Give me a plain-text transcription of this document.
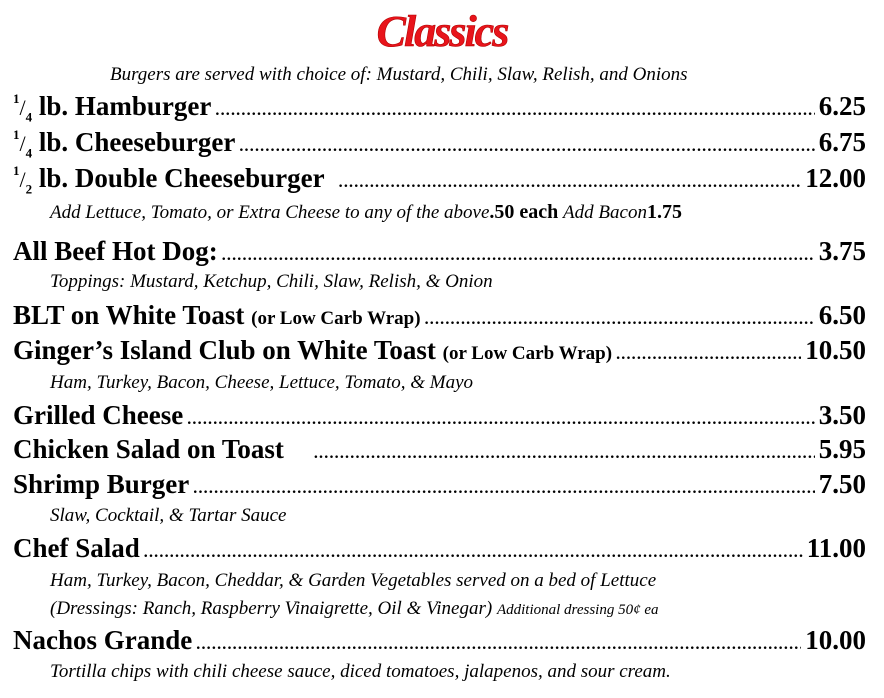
Classics
Burgers are served with choice of: Mustard, Chili, Slaw, Relish, and Onions
$^1/_4$ lb. Hamburger .....	6.25
$^1/_4$ lb. Cheeseburger .....	6.75
$^1/_2$ lb. Double Cheeseburger .....	12.00
Add Lettuce, Tomato, or Extra Cheese to any of the above.50 each Add Bacon1.75
All Beef Hot Dog: .....	3.75
Toppings: Mustard, Ketchup, Chili, Slaw, Relish, & Onion
BLT on White Toast (or Low Carb Wrap) .....	6.50
Ginger’s Island Club on White Toast (or Low Carb Wrap) .....	10.50
Ham, Turkey, Bacon, Cheese, Lettuce, Tomato, & Mayo
Grilled Cheese .....	3.50
Chicken Salad on Toast .....	5.95
Shrimp Burger .....	7.50
Slaw, Cocktail, & Tartar Sauce
Chef Salad .....	11.00
Ham, Turkey, Bacon, Cheddar, & Garden Vegetables served on a bed of Lettuce
(Dressings: Ranch, Raspberry Vinaigrette, Oil & Vinegar) Additional dressing 50¢ ea
Nachos Grande .....	10.00
Tortilla chips with chili cheese sauce, diced tomatoes, jalapenos, and sour cream.
